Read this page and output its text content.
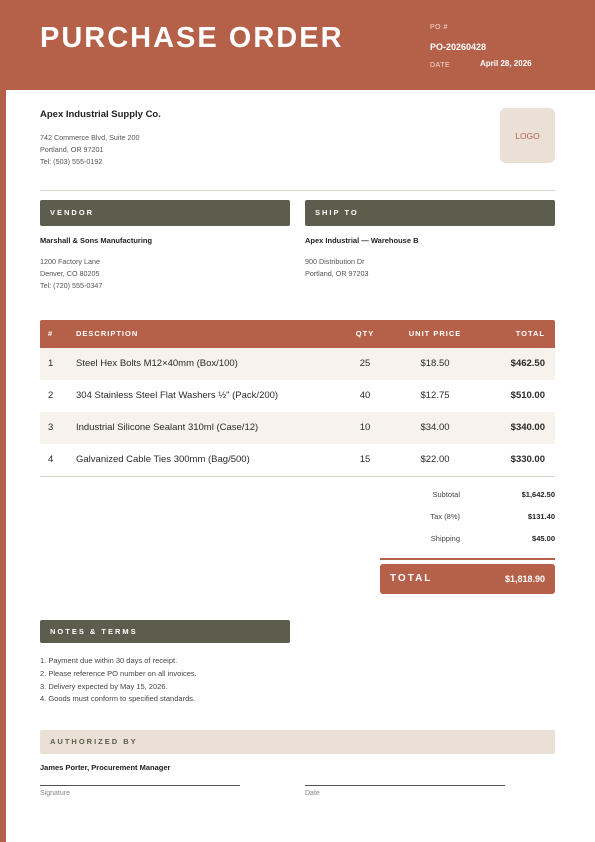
PURCHASE ORDER	PO #
PO-20260428
DATE	April 28, 2026
Apex Industrial Supply Co.
742 Commerce Blvd, Suite 200
Portland, OR 97201
Tel: (503) 555-0192
LOGO
VENDOR
Marshall & Sons Manufacturing
1200 Factory Lane
Denver, CO 80205
Tel: (720) 555-0347
SHIP TO
Apex Industrial — Warehouse B
900 Distribution Dr
Portland, OR 97203
#	DESCRIPTION	QTY	UNIT PRICE	TOTAL
1 Steel Hex Bolts M12×40mm (Box/100)	25	$18.50	$462.50
2 304 Stainless Steel Flat Washers ½" (Pack/200)	40	$12.75	$510.00
3 Industrial Silicone Sealant 310ml (Case/12)	10	$34.00	$340.00
4 Galvanized Cable Ties 300mm (Bag/500)	15	$22.00	$330.00
Subtotal	$1,642.50
Tax (8%)	$131.40
Shipping	$45.00
TOTAL	$1,818.90
NOTES & TERMS
1. Payment due within 30 days of receipt.
2. Please reference PO number on all invoices.
3. Delivery expected by May 15, 2026.
4. Goods must conform to specified standards.
AUTHORIZED BY
James Porter, Procurement Manager
Signature	Date
